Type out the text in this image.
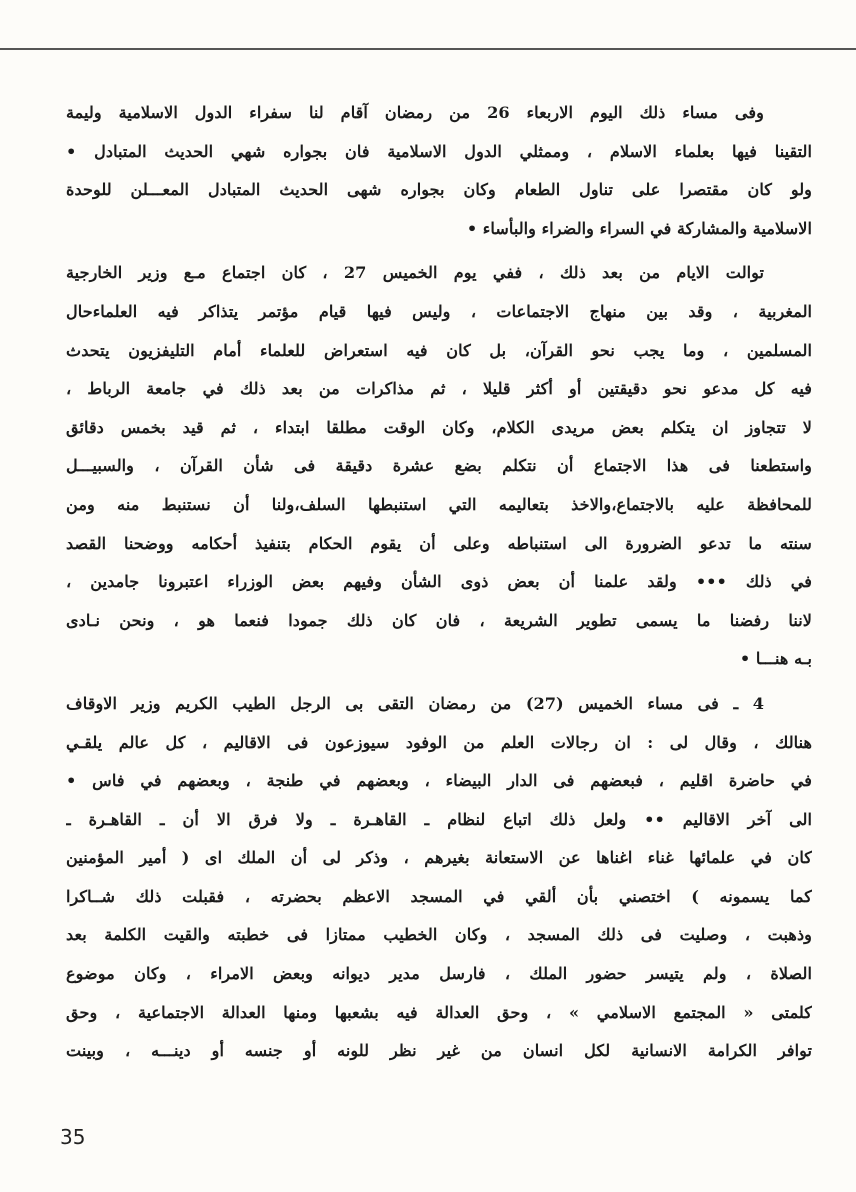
وفى مساء ذلك اليوم الاربعاء 26 من رمضان آقام لنا سفراء الدول الاسلامية وليمة
التقينا فيها بعلماء الاسلام ، وممثلي الدول الاسلامية فان بجواره شهي الحديث المتبادل •
ولو كان مقتصرا على تناول الطعام وكان بجواره شهى الحديث المتبادل المعـــلن للوحدة
الاسلامية والمشاركة في السراء والضراء والبأساء •
توالت الايام من بعد ذلك ، ففي يوم الخميس 27 ، كان اجتماع مـع وزير الخارجية
المغربية ، وقد بين منهاج الاجتماعات ، وليس فيها قيام مؤتمر يتذاكر فيه العلماءحال
المسلمين ، وما يجب نحو القرآن، بل كان فيه استعراض للعلماء أمام التليفزيون يتحدث
فيه كل مدعو نحو دقيقتين أو أكثر قليلا ، ثم مذاكرات من بعد ذلك في جامعة الرباط ،
لا تتجاوز ان يتكلم بعض مريدى الكلام، وكان الوقت مطلقا ابتداء ، ثم قيد بخمس دقائق
واستطعنا فى هذا الاجتماع أن نتكلم بضع عشرة دقيقة فى شأن القرآن ، والسبيـــل
للمحافظة عليه بالاجتماع،والاخذ بتعاليمه التي استنبطها السلف،ولنا أن نستنبط منه ومن
سنته ما تدعو الضرورة الى استنباطه وعلى أن يقوم الحكام بتنفيذ أحكامه ووضحنا القصد
في ذلك ••• ولقد علمنا أن بعض ذوى الشأن وفيهم بعض الوزراء اعتبرونا جامدين ،
لاننا رفضنا ما يسمى تطوير الشريعة ، فان كان ذلك جمودا فنعما هو ، ونحن نـادى
بـه هنـــا •
4 ـ فى مساء الخميس (27) من رمضان التقى بى الرجل الطيب الكريم وزير الاوقاف
هنالك ، وقال لى : ان رجالات العلم من الوفود سيوزعون فى الاقاليم ، كل عالم يلقـي
في حاضرة اقليم ، فبعضهم فى الدار البيضاء ، وبعضهم في طنجة ، وبعضهم في فاس •
الى آخر الاقاليم •• ولعل ذلك اتباع لنظام ـ القاهـرة ـ ولا فرق الا أن ـ القاهـرة ـ
كان في علمائها غناء اغناها عن الاستعانة بغيرهم ، وذكر لى أن الملك اى ( أمير المؤمنين
كما يسمونه ) اختصني بأن ألقي في المسجد الاعظم بحضرته ، فقبلت ذلك شــاكرا
وذهبت ، وصليت فى ذلك المسجد ، وكان الخطيب ممتازا فى خطبته والقيت الكلمة بعد
الصلاة ، ولم يتيسر حضور الملك ، فارسل مدير ديوانه وبعض الامراء ، وكان موضوع
كلمتى « المجتمع الاسلامي » ، وحق العدالة فيه بشعبها ومنها العدالة الاجتماعية ، وحق
توافر الكرامة الانسانية لكل انسان من غير نظر للونه أو جنسه أو دينـــه ، وبينت
35
